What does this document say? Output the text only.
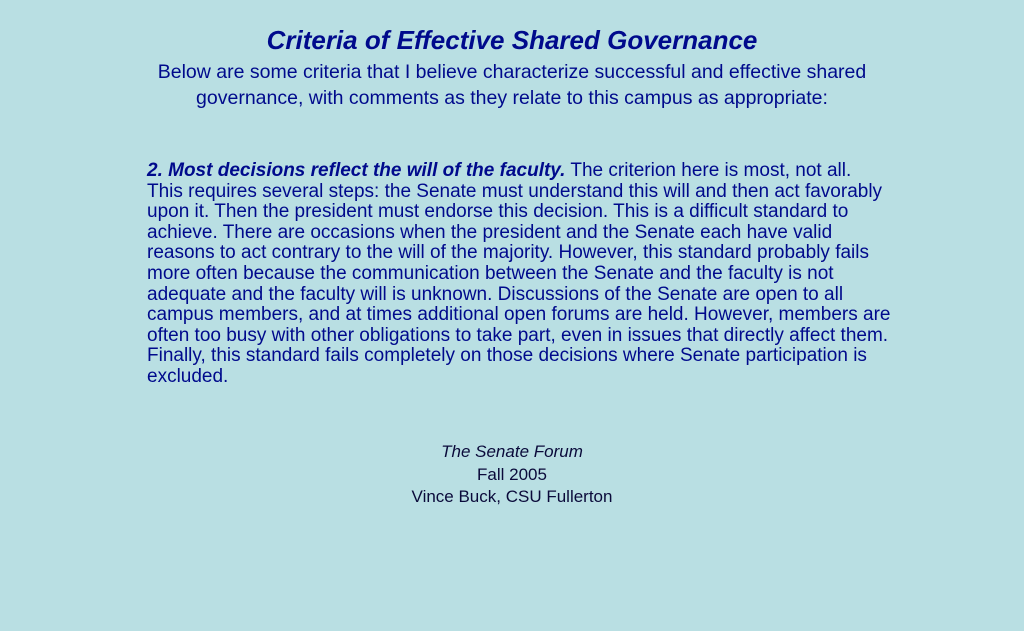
Criteria of Effective Shared Governance
Below are some criteria that I believe characterize successful and effective shared governance, with comments as they relate to this campus as appropriate:
2. Most decisions reflect the will of the faculty. The criterion here is most, not all. This requires several steps: the Senate must understand this will and then act favorably upon it. Then the president must endorse this decision. This is a difficult standard to achieve. There are occasions when the president and the Senate each have valid reasons to act contrary to the will of the majority. However, this standard probably fails more often because the communication between the Senate and the faculty is not adequate and the faculty will is unknown. Discussions of the Senate are open to all campus members, and at times additional open forums are held. However, members are often too busy with other obligations to take part, even in issues that directly affect them. Finally, this standard fails completely on those decisions where Senate participation is excluded.
The Senate Forum
Fall 2005
Vince Buck, CSU Fullerton
